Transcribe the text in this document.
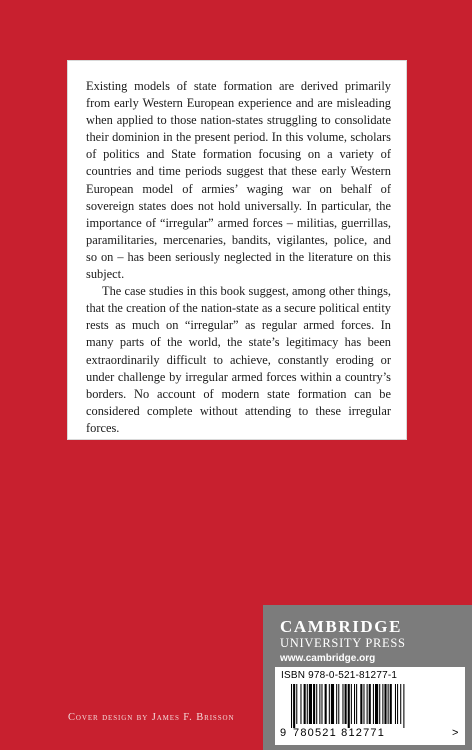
Existing models of state formation are derived primarily from early Western European experience and are misleading when applied to those nation-states struggling to consolidate their dominion in the present period. In this volume, scholars of politics and State formation focusing on a variety of countries and time periods suggest that these early Western European model of armies’ waging war on behalf of sovereign states does not hold universally. In particular, the importance of “irregular” armed forces – militias, guerrillas, paramilitaries, mercenaries, bandits, vigilantes, police, and so on – has been seriously neglected in the literature on this subject.

The case studies in this book suggest, among other things, that the creation of the nation-state as a secure political entity rests as much on “irregular” as regular armed forces. In many parts of the world, the state’s legitimacy has been extraordinarily difficult to achieve, constantly eroding or under challenge by irregular armed forces within a country’s borders. No account of modern state formation can be considered complete without attending to these irregular forces.

Cover design by James F. Brisson
CAMBRIDGE
UNIVERSITY PRESS
www.cambridge.org
ISBN 978-0-521-81277-1
9 780521 812771	>
